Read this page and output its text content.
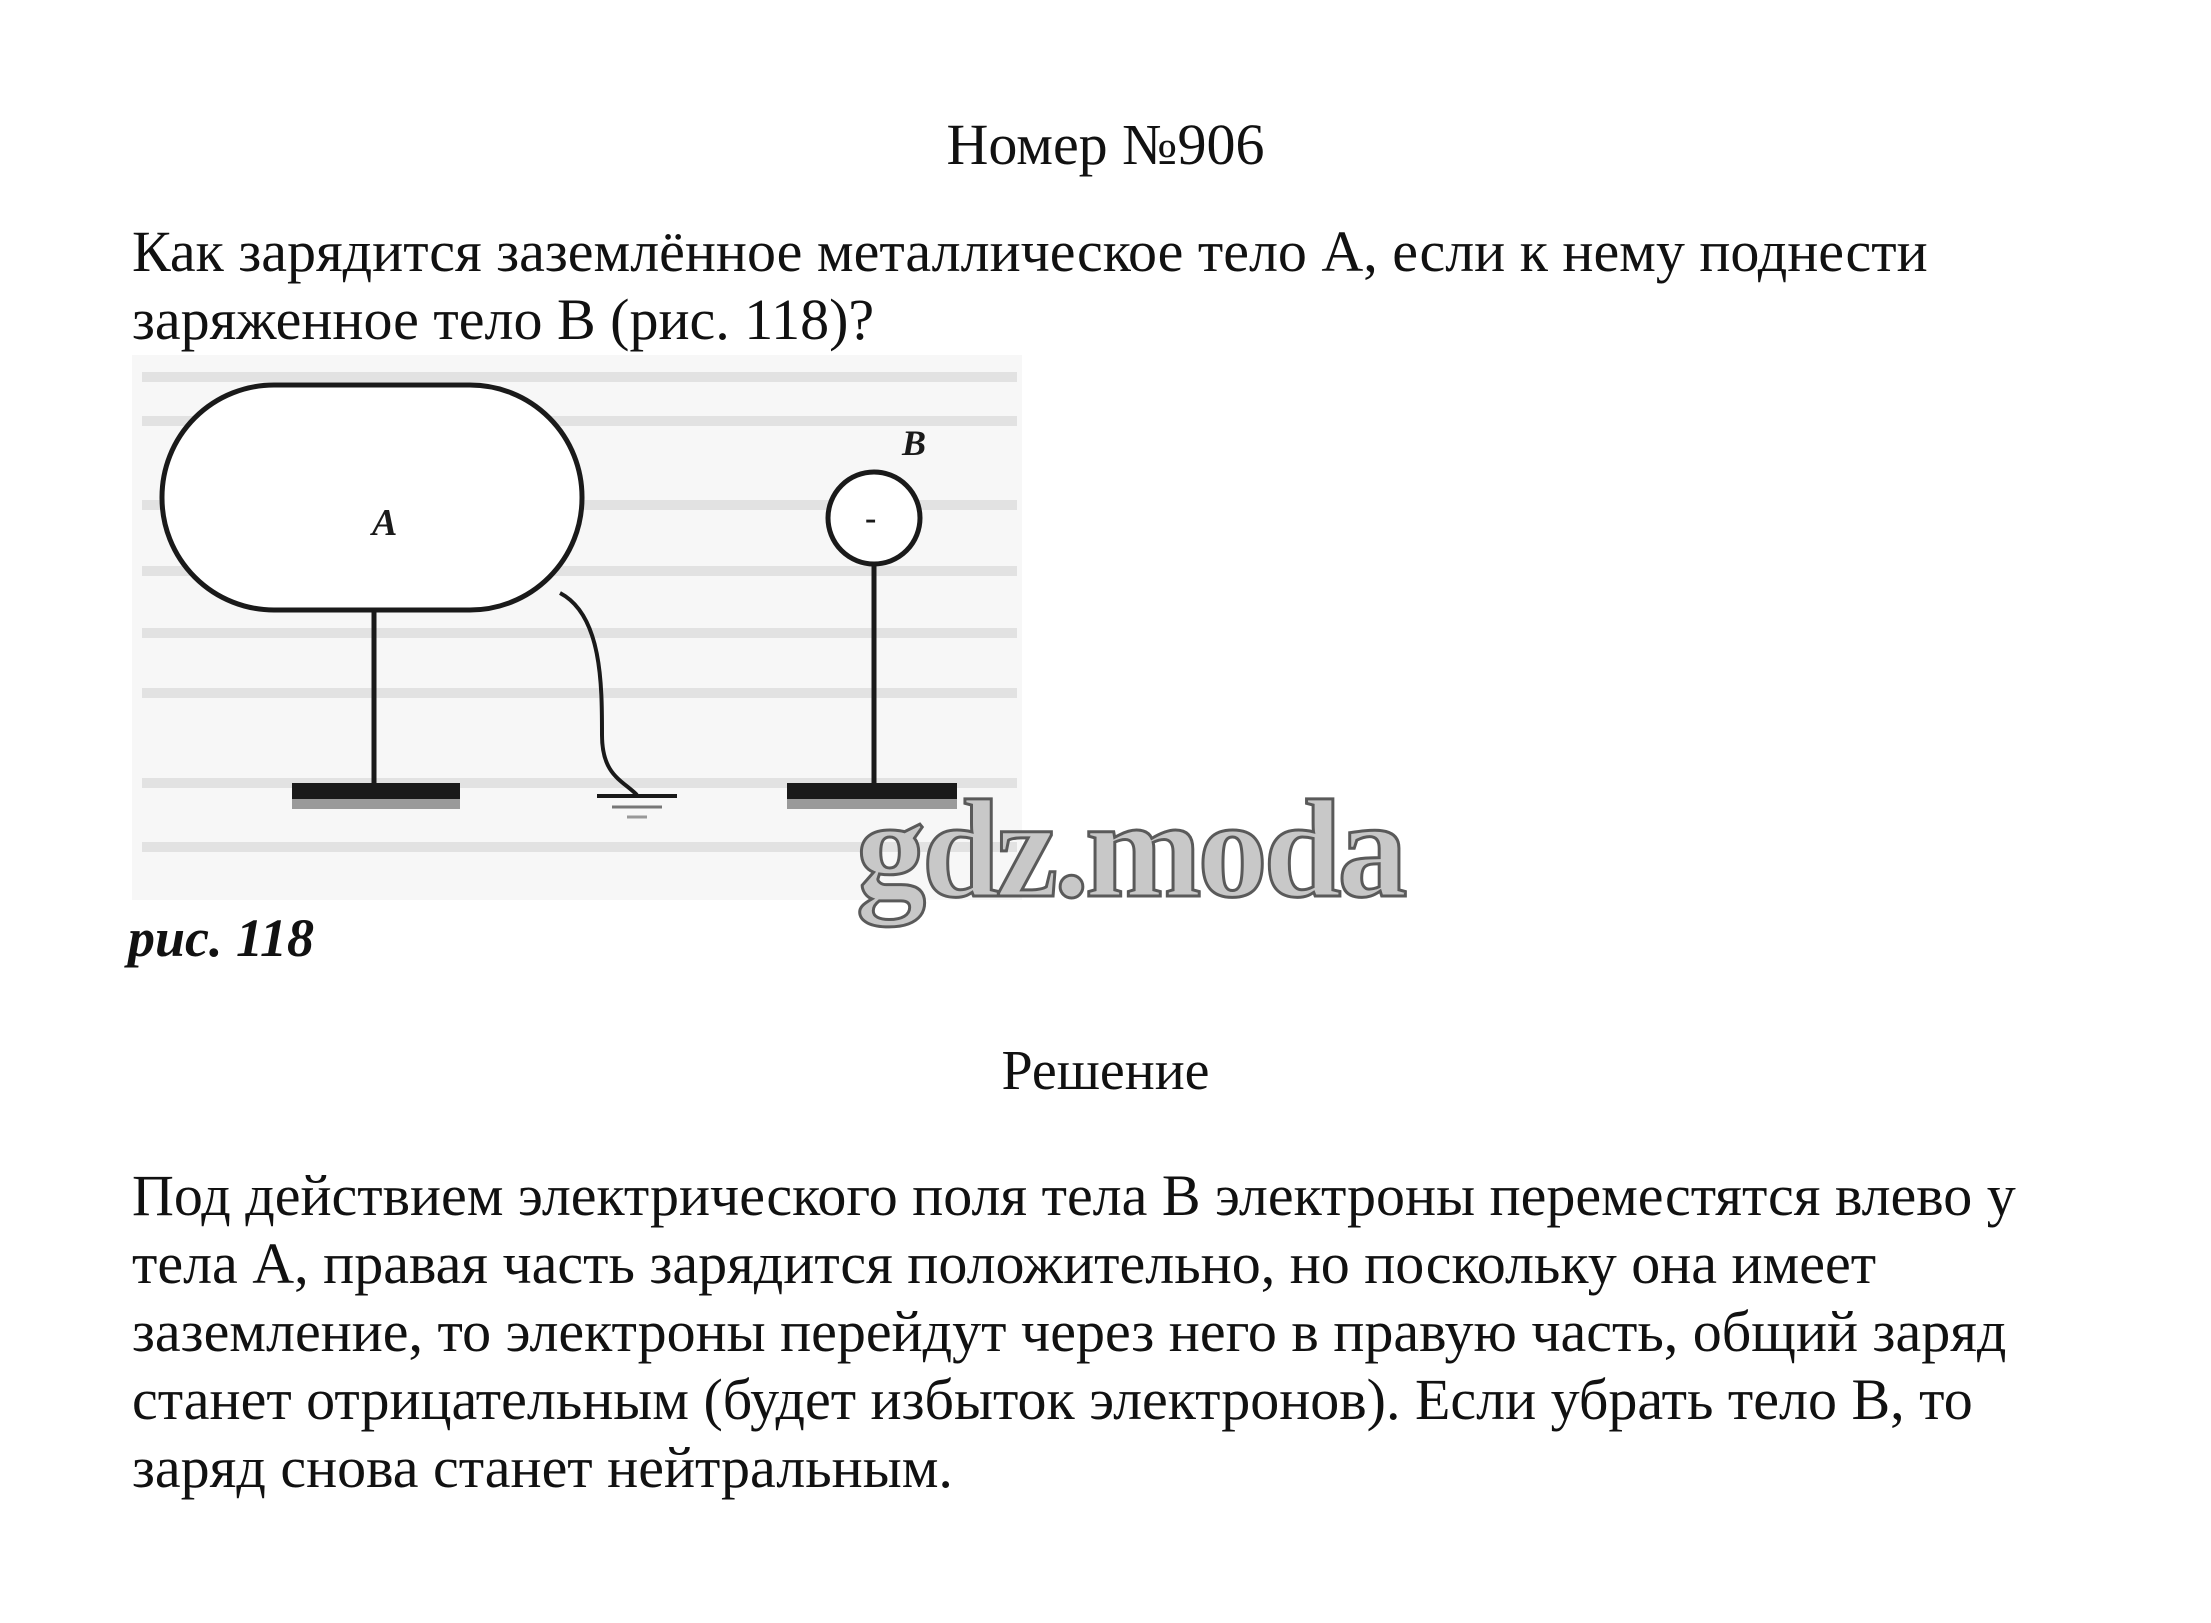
Номер №906

Как зарядится заземлённое металлическое тело А, если к нему поднести

заряженное тело В (рис. 118)?

A	-
B
gdz.moda
рис. 118
Решение

Под действием электрического поля тела В электроны переместятся влево у

тела А, правая часть зарядится положительно, но поскольку она имеет

заземление, то электроны перейдут через него в правую часть, общий заряд

станет отрицательным (будет избыток электронов). Если убрать тело В, то

заряд снова станет нейтральным.
